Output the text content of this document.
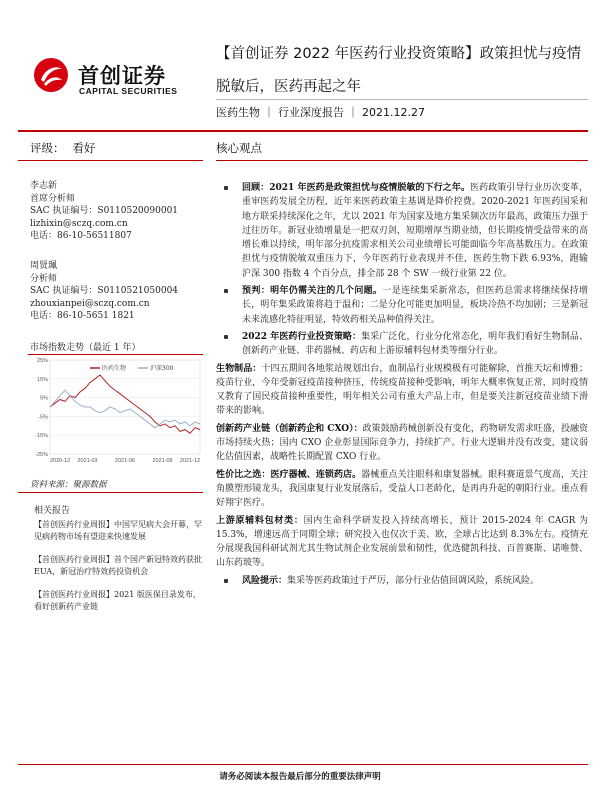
首创证券
CAPITAL SECURITIES
【首创证券 2022 年医药行业投资策略】政策担忧与疫情脱敏后，医药再起之年
医药生物 ｜ 行业深度报告 ｜ 2021.12.27
评级： 看好	核心观点
李志新
首席分析师
SAC 执证编号：S0110520090001
lizhixin@sczq.com.cn
电话：86-10-56511807
周贤珮
分析师
SAC 执证编号：S0110521050004
zhouxianpei@sczq.com.cn
电话：86-10-5651 1821
市场指数走势（最近 1 年）
25%
15%
5%
-5%
-15%
-25%
2020-12 2021-03	2021-06	2021-09 2021-12
医药生物	沪深300
资料来源：聚源数据
相关报告
【首创医药行业周报】中国罕见病大会开幕，罕见病药物市场有望迎来快速发展
【首创医药行业周报】首个国产新冠特效药获批 EUA，新冠治疗特效药投资机会
【首创医药行业周报】2021 版医保目录发布，看好创新药产业链
回顾：2021 年医药是政策担忧与疫情脱敏的下行之年。医药政策引导行业历次变革，重审医药发展全历程，近年来医药政策主基调是降价控费。2020-2021 年医药国采和地方联采持续深化之年，尤以 2021 年为国家及地方集采频次历年最高，政策压力强于过往历年。新冠业绩增量是一把双刃剑，短期增厚当期业绩，但长期疫情受益带来的高增长难以持续，明年部分抗疫需求相关公司业绩增长可能面临今年高基数压力。在政策担忧与疫情脱敏双重压力下，今年医药行业表现并不佳，医药生物下跌 6.93%，跑输沪深 300 指数 4 个百分点，排全部 28 个 SW 一级行业第 22 位。
预判：明年仍需关注的几个问题。一是连续集采新常态，但医药总需求将继续保持增长，明年集采政策将趋于温和；二是分化可能更加明显，板块冷热不均加剧；三是新冠未来流感化特征明显，特效药相关品种值得关注。
2022 年医药行业投资策略：集采广泛化，行业分化常态化，明年我们看好生物制品、创新药产业链、非药器械、药店和上游原辅料包材类等细分行业。
生物制品：十四五期间各地浆站规划出台，血制品行业规模极有可能解除，首推天坛和博雅；疫苗行业，今年受新冠疫苗接种挤压，传统疫苗接种受影响，明年大概率恢复正常，同时疫情又教育了国民疫苗接种重要性，明年相关公司有重大产品上市，但是要关注新冠疫苗业绩下滑带来的影响。
创新药产业链（创新药企和 CXO）：政策鼓励药械创新没有变化，药物研发需求旺盛，投融资市场持续火热；国内 CXO 企业彰显国际竞争力，持续扩产。行业大逻辑并没有改变，建议弱化估值因素，战略性长期配置 CXO 行业。
性价比之选：医疗器械、连锁药店。器械重点关注眼科和康复器械。眼科赛道景气度高，关注角膜塑形镜龙头，我国康复行业发展落后，受益人口老龄化，是再冉升起的朝阳行业。重点看好翔宇医疗。
上游原辅料包材类：国内生命科学研发投入持续高增长，预计 2015-2024 年 CAGR 为 15.3%，增速远高于同期全球；研究投入也仅次于美、欧，全球占比达到 8.3%左右。疫情充分展现我国科研试剂尤其生物试剂企业发展前景和韧性，优选健凯科技、百普赛斯、诺唯赞、山东药玻等。
风险提示：集采等医药政策过于严厉，部分行业估值回调风险，系统风险。
请务必阅读本报告最后部分的重要法律声明
